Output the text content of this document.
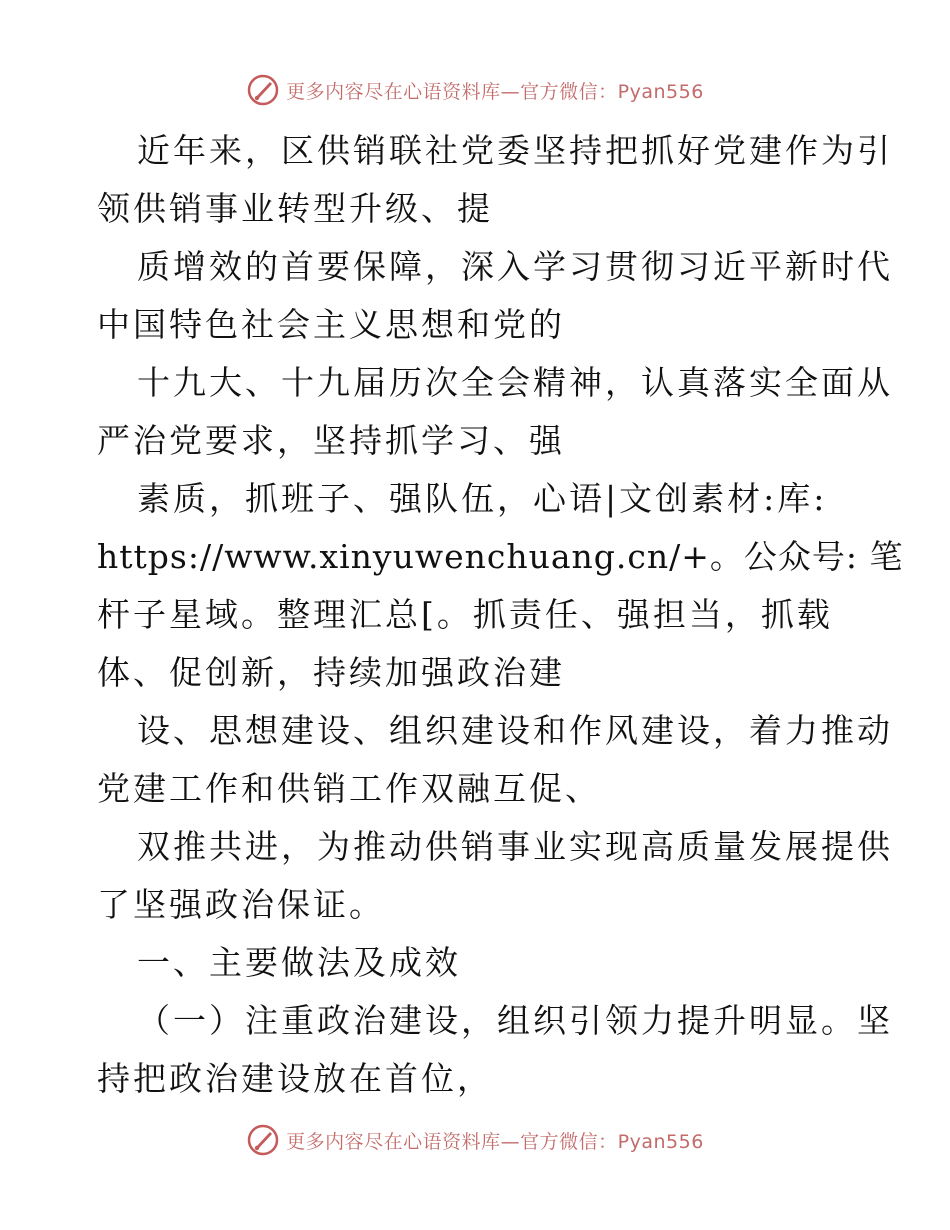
更多内容尽在心语资料库—官方微信：Pyan556
近年来，区供销联社党委坚持把抓好党建作为引
领供销事业转型升级、提
质增效的首要保障，深入学习贯彻习近平新时代
中国特色社会主义思想和党的
十九大、十九届历次全会精神，认真落实全面从
严治党要求，坚持抓学习、强
素质，抓班子、强队伍，心语|文创素材:库:
https://www.xinyuwenchuang.cn/+。公众号: 笔
杆子星域。整理汇总[。抓责任、强担当，抓载
体、促创新，持续加强政治建
设、思想建设、组织建设和作风建设，着力推动
党建工作和供销工作双融互促、
双推共进，为推动供销事业实现高质量发展提供
了坚强政治保证。
一、主要做法及成效
（一）注重政治建设，组织引领力提升明显。坚
持把政治建设放在首位，
更多内容尽在心语资料库—官方微信：Pyan556
